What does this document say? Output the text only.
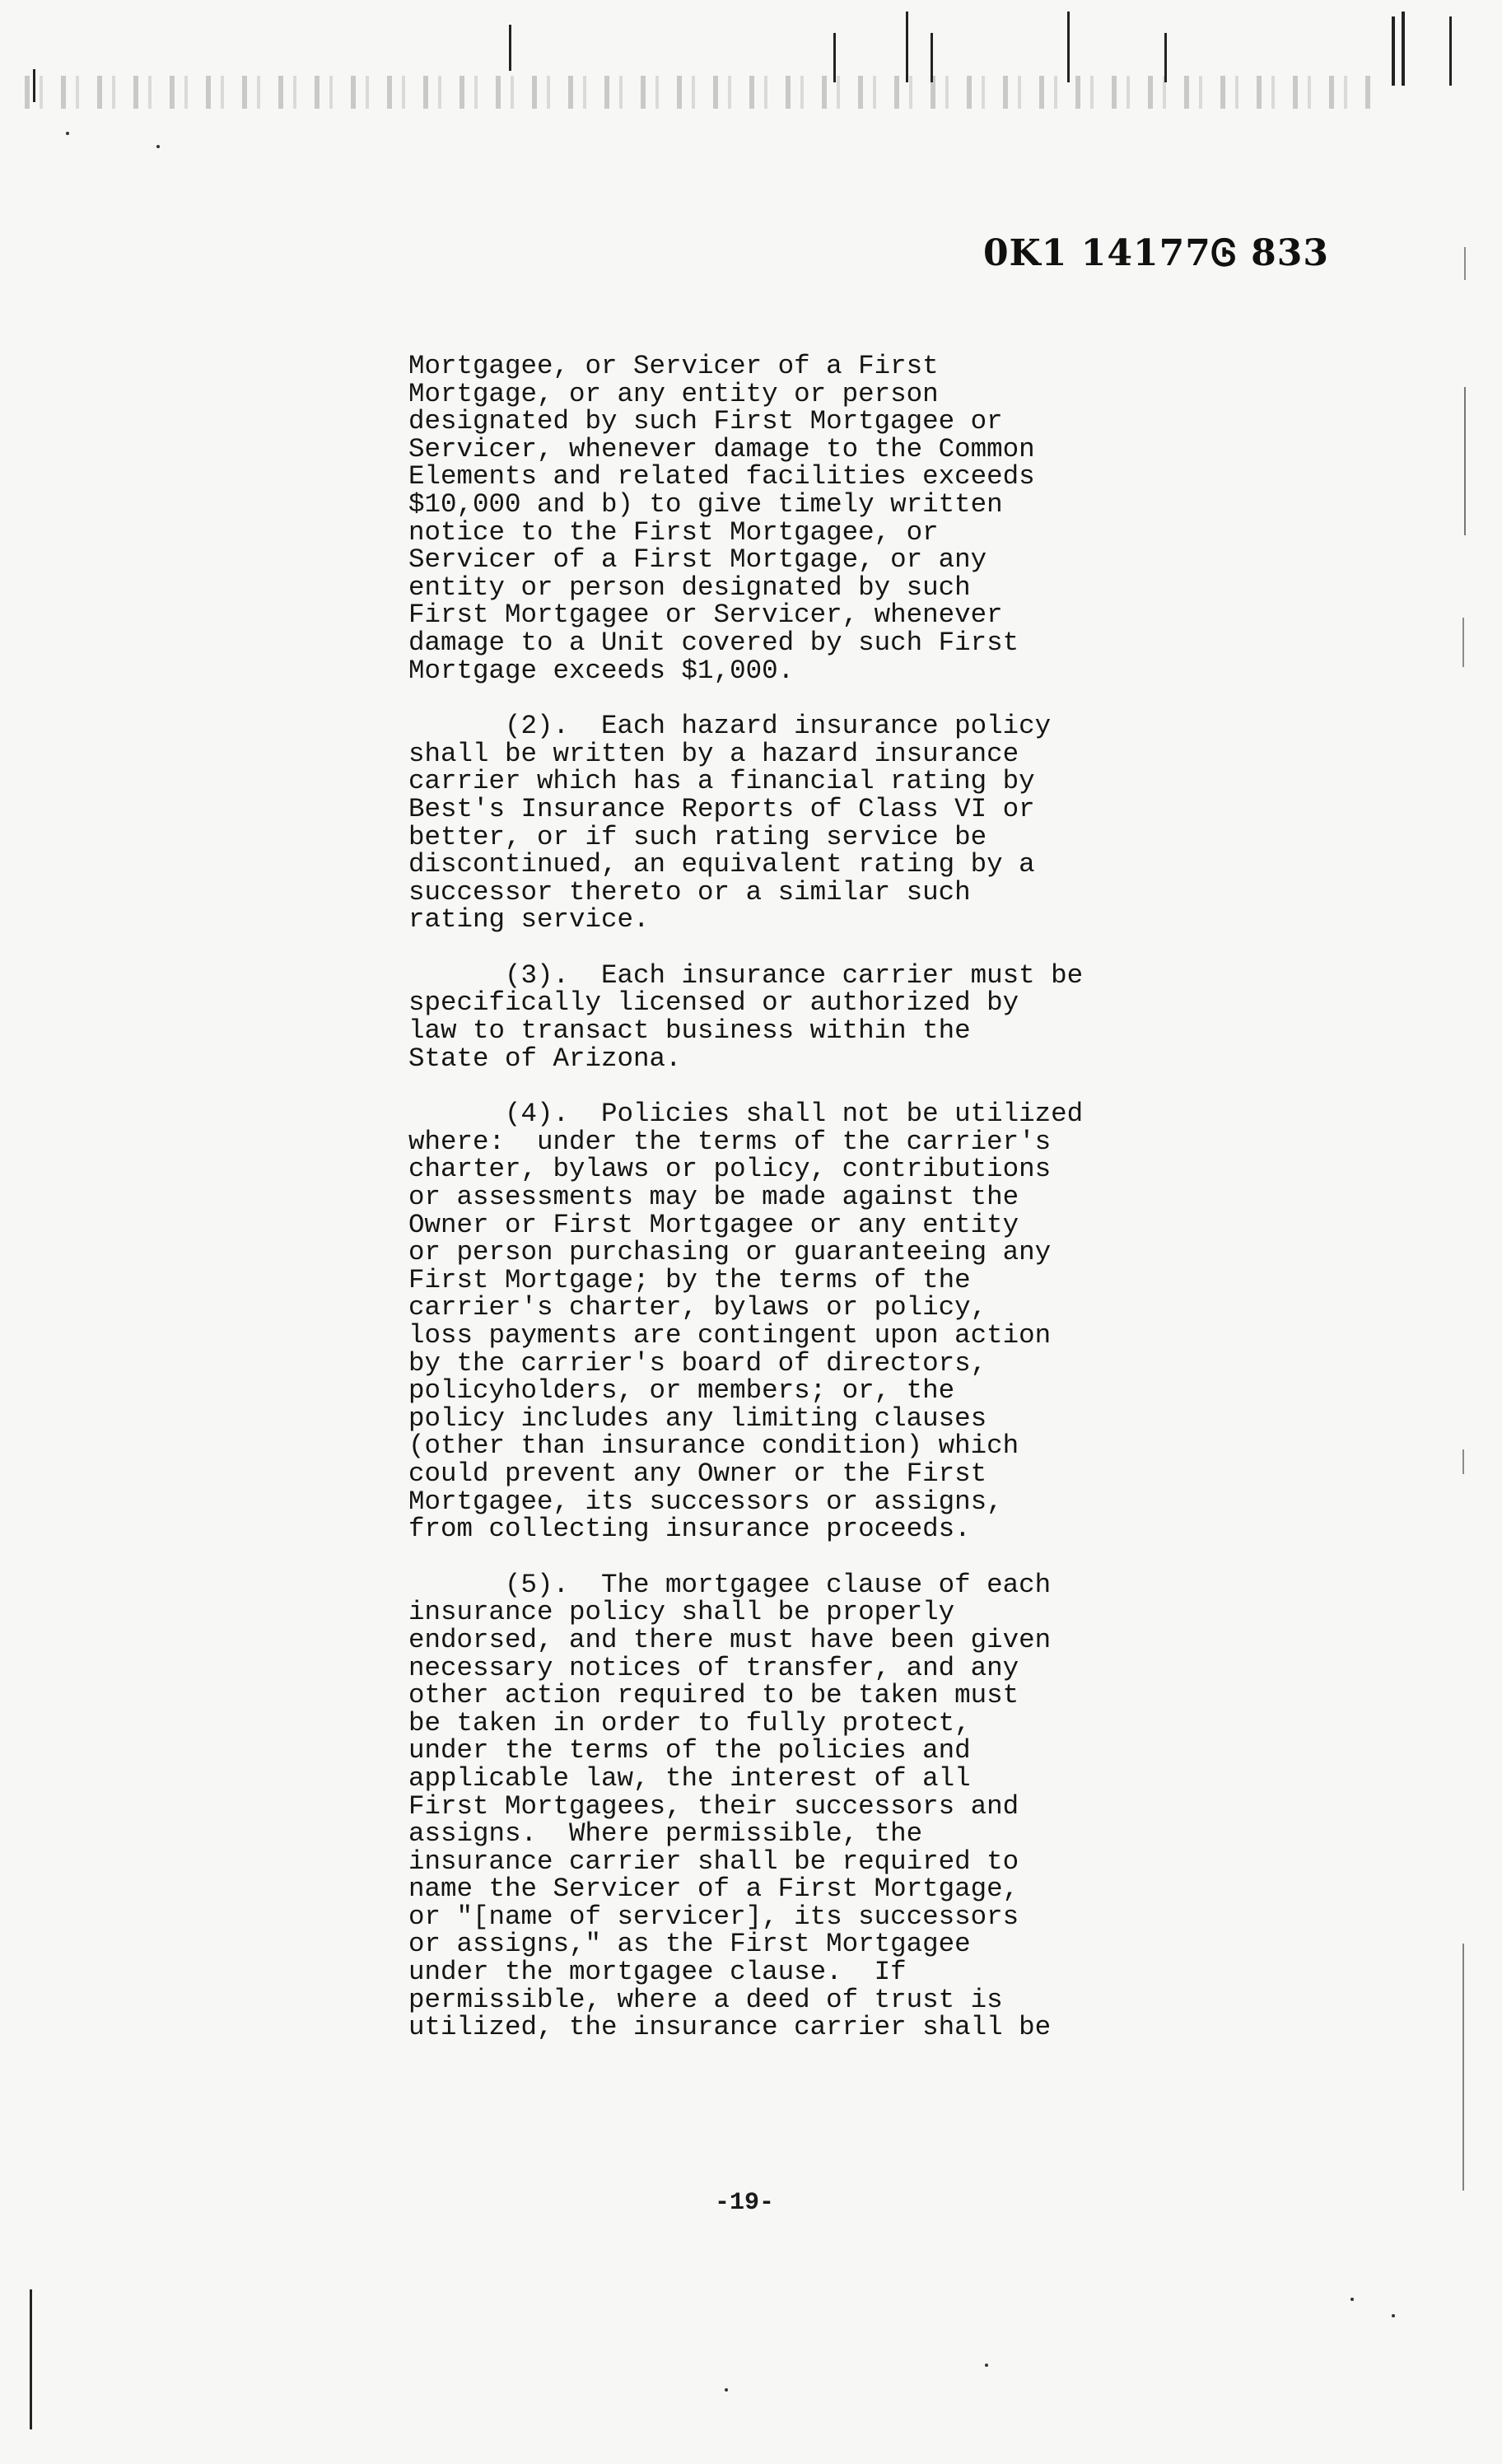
0K1 14177Ꮆ 833
Mortgagee, or Servicer of a First
Mortgage, or any entity or person
designated by such First Mortgagee or
Servicer, whenever damage to the Common
Elements and related facilities exceeds
$10,000 and b) to give timely written
notice to the First Mortgagee, or
Servicer of a First Mortgage, or any
entity or person designated by such
First Mortgagee or Servicer, whenever
damage to a Unit covered by such First
Mortgage exceeds $1,000.
(2).  Each hazard insurance policy
shall be written by a hazard insurance
carrier which has a financial rating by
Best's Insurance Reports of Class VI or
better, or if such rating service be
discontinued, an equivalent rating by a
successor thereto or a similar such
rating service.
(3).  Each insurance carrier must be
specifically licensed or authorized by
law to transact business within the
State of Arizona.
(4).  Policies shall not be utilized
where:  under the terms of the carrier's
charter, bylaws or policy, contributions
or assessments may be made against the
Owner or First Mortgagee or any entity
or person purchasing or guaranteeing any
First Mortgage; by the terms of the
carrier's charter, bylaws or policy,
loss payments are contingent upon action
by the carrier's board of directors,
policyholders, or members; or, the
policy includes any limiting clauses
(other than insurance condition) which
could prevent any Owner or the First
Mortgagee, its successors or assigns,
from collecting insurance proceeds.
(5).  The mortgagee clause of each
insurance policy shall be properly
endorsed, and there must have been given
necessary notices of transfer, and any
other action required to be taken must
be taken in order to fully protect,
under the terms of the policies and
applicable law, the interest of all
First Mortgagees, their successors and
assigns.  Where permissible, the
insurance carrier shall be required to
name the Servicer of a First Mortgage,
or "[name of servicer], its successors
or assigns," as the First Mortgagee
under the mortgagee clause.  If
permissible, where a deed of trust is
utilized, the insurance carrier shall be
-19-
